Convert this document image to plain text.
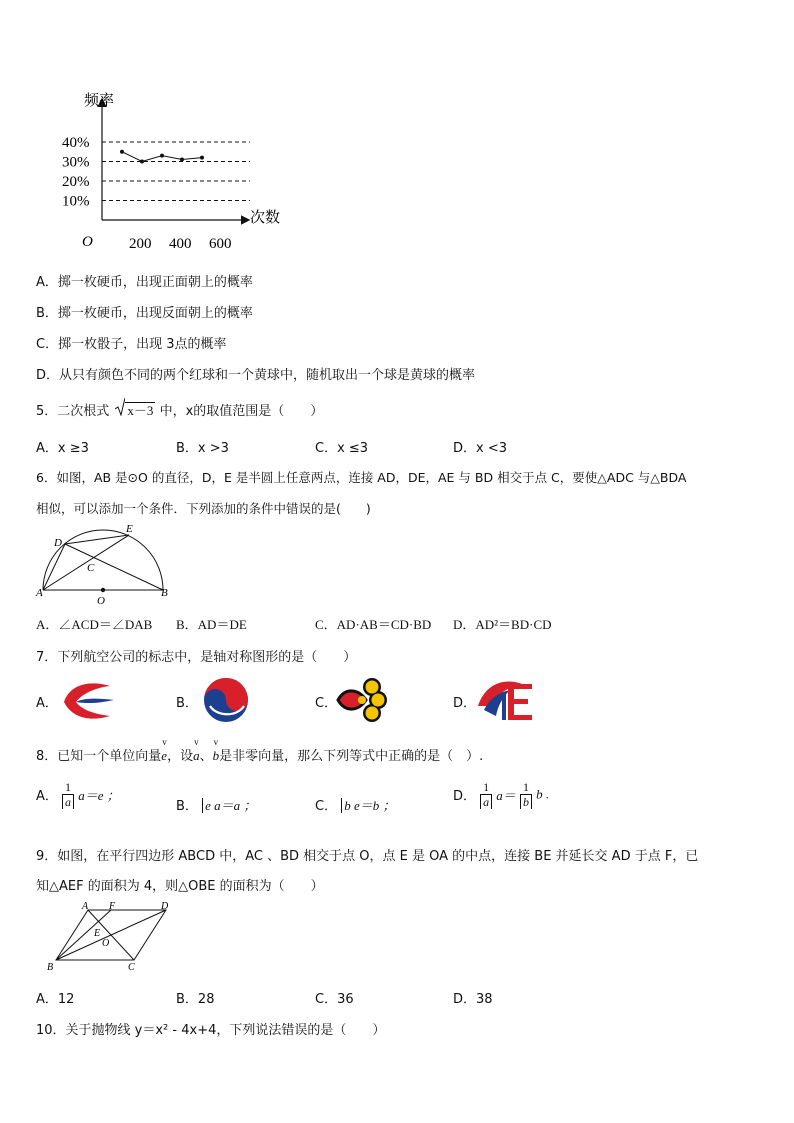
频率
次数
O
10%
20%
30%
40%
200 400 600
A．掷一枚硬币，出现正面朝上的概率
B．掷一枚硬币，出现反面朝上的概率
C．掷一枚骰子，出现 3点的概率
D．从只有颜色不同的两个红球和一个黄球中，随机取出一个球是黄球的概率
5．二次根式 x－3 中，x的取值范围是（　　）
A．x ≥3	B．x >3	C．x ≤3	D．x <3
6．如图，AB 是⊙O 的直径，D，E 是半圆上任意两点，连接 AD，DE，AE 与 BD 相交于点 C，要使△ADC 与△BDA
相似，可以添加一个条件．下列添加的条件中错误的是(　　)
D
E
C
A	B
O
A．∠ACD＝∠DAB B．AD＝DE	C．AD·AB＝CD·BD D．AD²＝BD·CD
7．下列航空公司的标志中，是轴对称图形的是（　　）
A．	B．	C．	D．
8．已知一个单位向量
v
e，设
v
a、
v
b是非零向量，那么下列等式中正确的是（　）.
A． $\frac{1}{a} a=e$ ；
B． e a＝a ；	C． b e＝b ；
D． $\frac{1}{a} a= \frac{1}{b}$ b .
9．如图，在平行四边形 ABCD 中，AC 、BD 相交于点 O，点 E 是 OA 的中点，连接 BE 并延长交 AD 于点 F，已
知△AEF 的面积为 4，则△OBE 的面积为（　　）
A F	D
E
O
B	C
A．12	B．28	C．36	D．38
10．关于抛物线 y＝x² - 4x+4，下列说法错误的是（　　）
